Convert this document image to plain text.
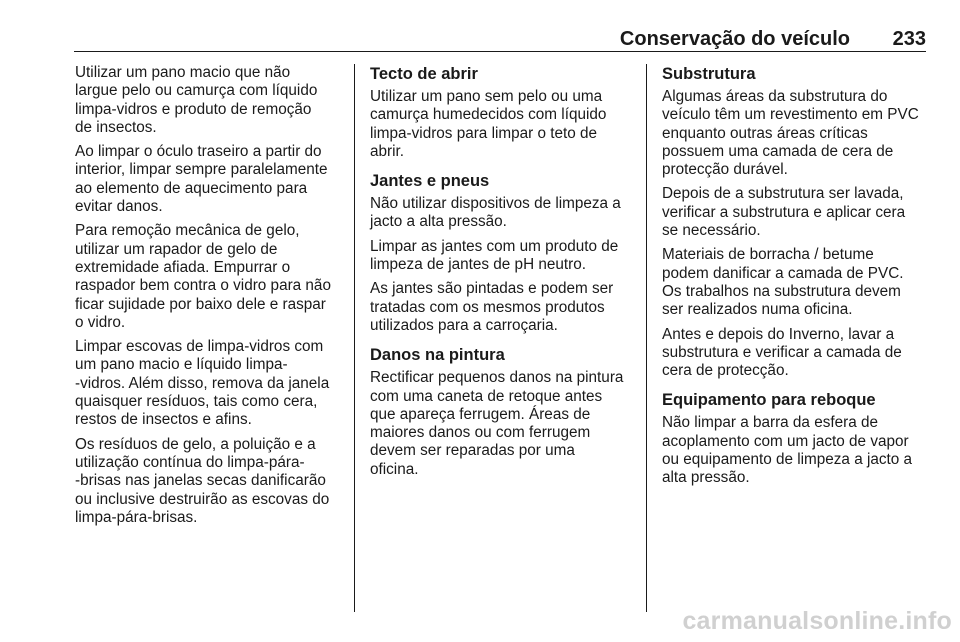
Conservação do veículo 233

Utilizar um pano macio que não
largue pelo ou camurça com líquido
limpa-vidros e produto de remoção
de insectos.

Ao limpar o óculo traseiro a partir do
interior, limpar sempre paralelamente
ao elemento de aquecimento para
evitar danos.

Para remoção mecânica de gelo,
utilizar um rapador de gelo de
extremidade afiada. Empurrar o
raspador bem contra o vidro para não
ficar sujidade por baixo dele e raspar
o vidro.

Limpar escovas de limpa-vidros com
um pano macio e líquido limpa-
-vidros. Além disso, remova da janela
quaisquer resíduos, tais como cera,
restos de insectos e afins.

Os resíduos de gelo, a poluição e a
utilização contínua do limpa-pára-
-brisas nas janelas secas danificarão
ou inclusive destruirão as escovas do
limpa-pára-brisas.

Tecto de abrir

Utilizar um pano sem pelo ou uma
camurça humedecidos com líquido
limpa-vidros para limpar o teto de
abrir.

Jantes e pneus

Não utilizar dispositivos de limpeza a
jacto a alta pressão.

Limpar as jantes com um produto de
limpeza de jantes de pH neutro.

As jantes são pintadas e podem ser
tratadas com os mesmos produtos
utilizados para a carroçaria.

Danos na pintura

Rectificar pequenos danos na pintura
com uma caneta de retoque antes
que apareça ferrugem. Áreas de
maiores danos ou com ferrugem
devem ser reparadas por uma
oficina.

Substrutura

Algumas áreas da substrutura do
veículo têm um revestimento em PVC
enquanto outras áreas críticas
possuem uma camada de cera de
protecção durável.

Depois de a substrutura ser lavada,
verificar a substrutura e aplicar cera
se necessário.

Materiais de borracha / betume
podem danificar a camada de PVC.
Os trabalhos na substrutura devem
ser realizados numa oficina.

Antes e depois do Inverno, lavar a
substrutura e verificar a camada de
cera de protecção.

Equipamento para reboque

Não limpar a barra da esfera de
acoplamento com um jacto de vapor
ou equipamento de limpeza a jacto a
alta pressão.

carmanualsonline.info
